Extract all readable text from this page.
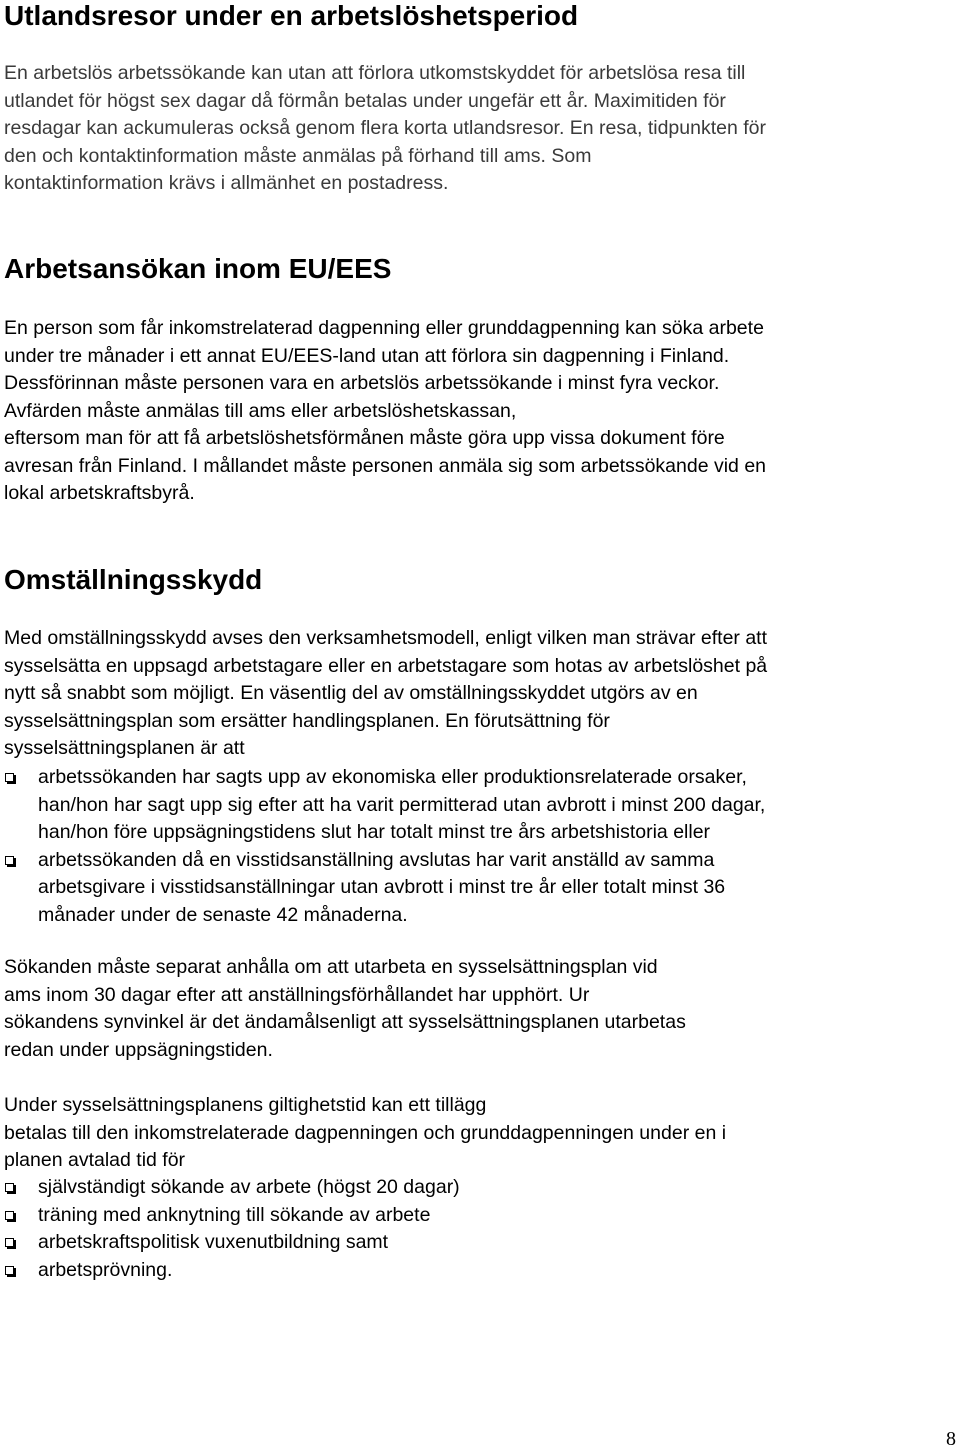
Utlandsresor under en arbetslöshetsperiod

En arbetslös arbetssökande kan utan att förlora utkomstskyddet för arbetslösa resa till
utlandet för högst sex dagar då förmån betalas under ungefär ett år. Maximitiden för
resdagar kan ackumuleras också genom flera korta utlandsresor. En resa, tidpunkten för
den och kontaktinformation måste anmälas på förhand till ams. Som
kontaktinformation krävs i allmänhet en postadress.

Arbetsansökan inom EU/EES

En person som får inkomstrelaterad dagpenning eller grunddagpenning kan söka arbete
under tre månader i ett annat EU/EES-land utan att förlora sin dagpenning i Finland.
Dessförinnan måste personen vara en arbetslös arbetssökande i minst fyra veckor.
Avfärden måste anmälas till ams eller arbetslöshetskassan,
eftersom man för att få arbetslöshetsförmånen måste göra upp vissa dokument före
avresan från Finland. I mållandet måste personen anmäla sig som arbetssökande vid en
lokal arbetskraftsbyrå.

Omställningsskydd

Med omställningsskydd avses den verksamhetsmodell, enligt vilken man strävar efter att
sysselsätta en uppsagd arbetstagare eller en arbetstagare som hotas av arbetslöshet på
nytt så snabbt som möjligt. En väsentlig del av omställningsskyddet utgörs av en
sysselsättningsplan som ersätter handlingsplanen. En förutsättning för
sysselsättningsplanen är att

arbetssökanden har sagts upp av ekonomiska eller produktionsrelaterade orsaker,
han/hon har sagt upp sig efter att ha varit permitterad utan avbrott i minst 200 dagar,
han/hon före uppsägningstidens slut har totalt minst tre års arbetshistoria eller
arbetssökanden då en visstidsanställning avslutas har varit anställd av samma
arbetsgivare i visstidsanställningar utan avbrott i minst tre år eller totalt minst 36
månader under de senaste 42 månaderna.

Sökanden måste separat anhålla om att utarbeta en sysselsättningsplan vid
ams inom 30 dagar efter att anställningsförhållandet har upphört. Ur
sökandens synvinkel är det ändamålsenligt att sysselsättningsplanen utarbetas
redan under uppsägningstiden.

Under sysselsättningsplanens giltighetstid kan ett tillägg
betalas till den inkomstrelaterade dagpenningen och grunddagpenningen under en i
planen avtalad tid för

självständigt sökande av arbete (högst 20 dagar)
träning med anknytning till sökande av arbete
arbetskraftspolitisk vuxenutbildning samt
arbetsprövning.
8
